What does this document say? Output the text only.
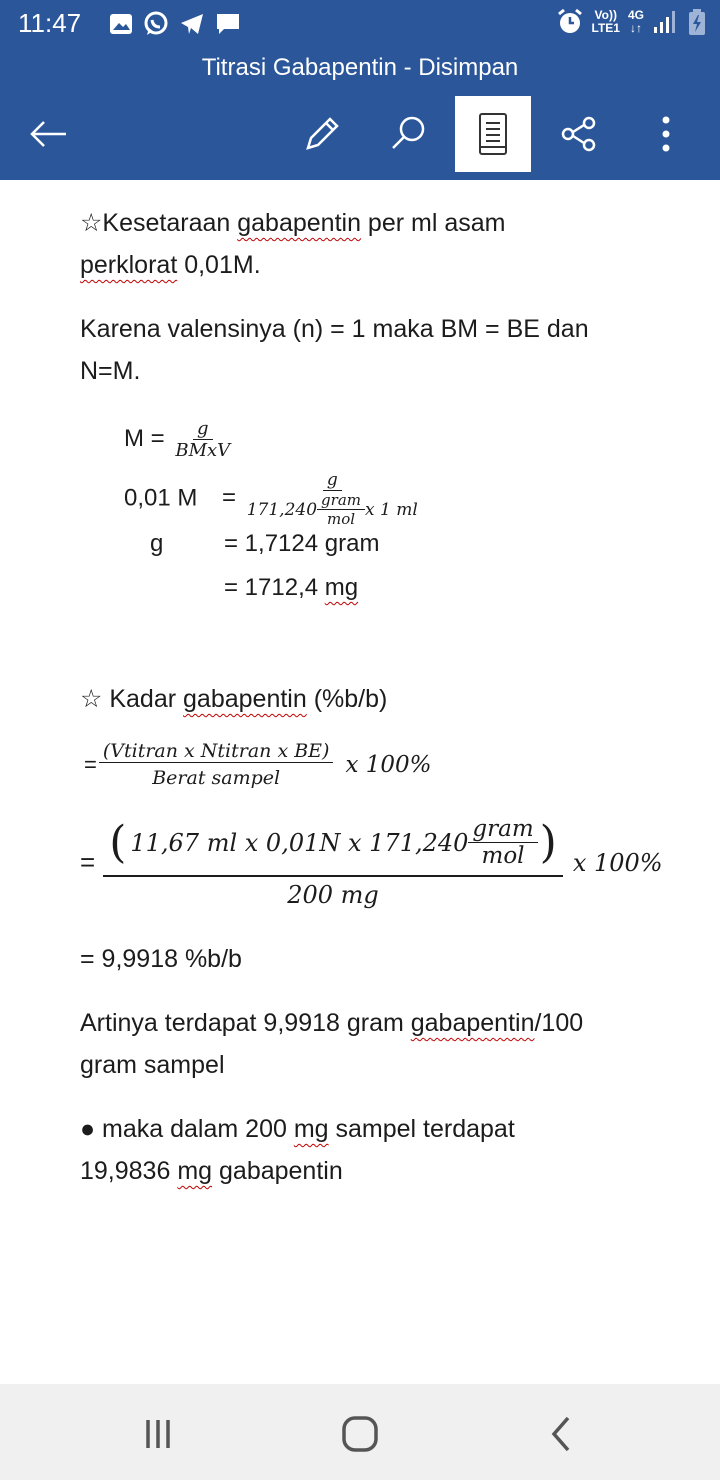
11:47	Vo))
LTE1
4G
↓↑
Titrasi Gabapentin - Disimpan
☆Kesetaraan gabapentin per ml asam
perklorat 0,01M.
Karena valensinya (n) = 1 maka BM = BE dan
N=M.
$M = \frac{g}{\text{BMxV}}$
0,01 M =
g
$171,240 \frac{\text{gram}}{\text{mol}}$ x 1 ml
g	= 1,7124 gram
= 1712,4 mg
☆ Kadar gabapentin (%b/b)
= $\frac{\text{(Vtitran x Ntitran x BE)}}{\text{Berat sampel}}$ x 100%
= ( 11,67 ml x 0,01N x $171,240 \frac{\text{gram}}{\text{mol}}$ )
200 mg
x 100%
= 9,9918 %b/b
Artinya terdapat 9,9918 gram gabapentin/100
gram sampel
● maka dalam 200 mg sampel terdapat
19,9836 mg gabapentin
